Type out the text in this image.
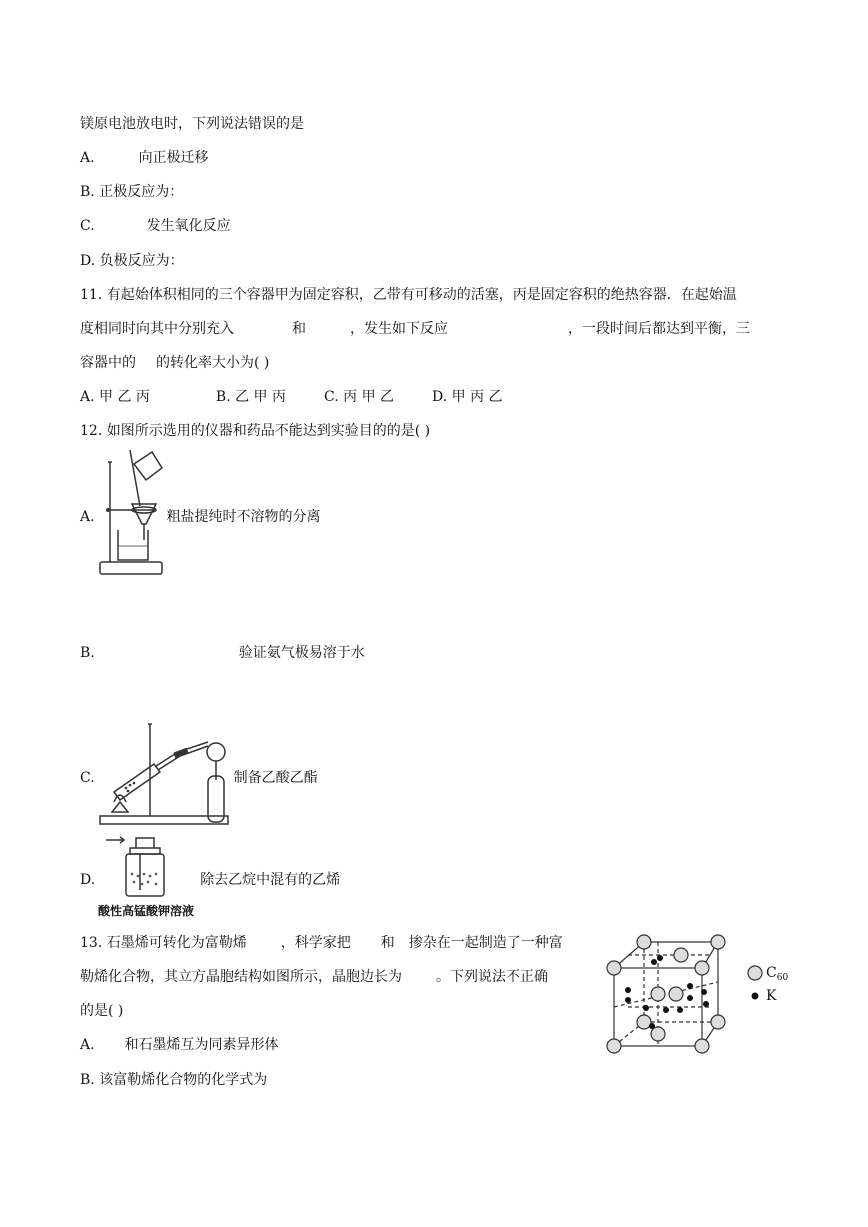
镁原电池放电时，下列说法错误的是
A.	向正极迁移
B. 正极反应为：
C.	发生氧化反应
D. 负极反应为：
11. 有起始体积相同的三个容器甲为固定容积，乙带有可移动的活塞，丙是固定容积的绝热容器．在起始温
度相同时向其中分别充入	和	，发生如下反应	，一段时间后都达到平衡，三
容器中的 的转化率大小为( )
A. 甲 乙 丙	B. 乙 甲 丙	C. 丙 甲 乙	D. 甲 丙 乙
12. 如图所示选用的仪器和药品不能达到实验目的的是( )
A.	粗盐提纯时不溶物的分离
B.	验证氨气极易溶于水
C.	制备乙酸乙酯
D.	除去乙烷中混有的乙烯
酸性高锰酸钾溶液
13. 石墨烯可转化为富勒烯 ，科学家把 和 掺杂在一起制造了一种富
勒烯化合物，其立方晶胞结构如图所示，晶胞边长为 。下列说法不正确
的是( )
A. 和石墨烯互为同素异形体
B. 该富勒烯化合物的化学式为
$C_{60}$
K
